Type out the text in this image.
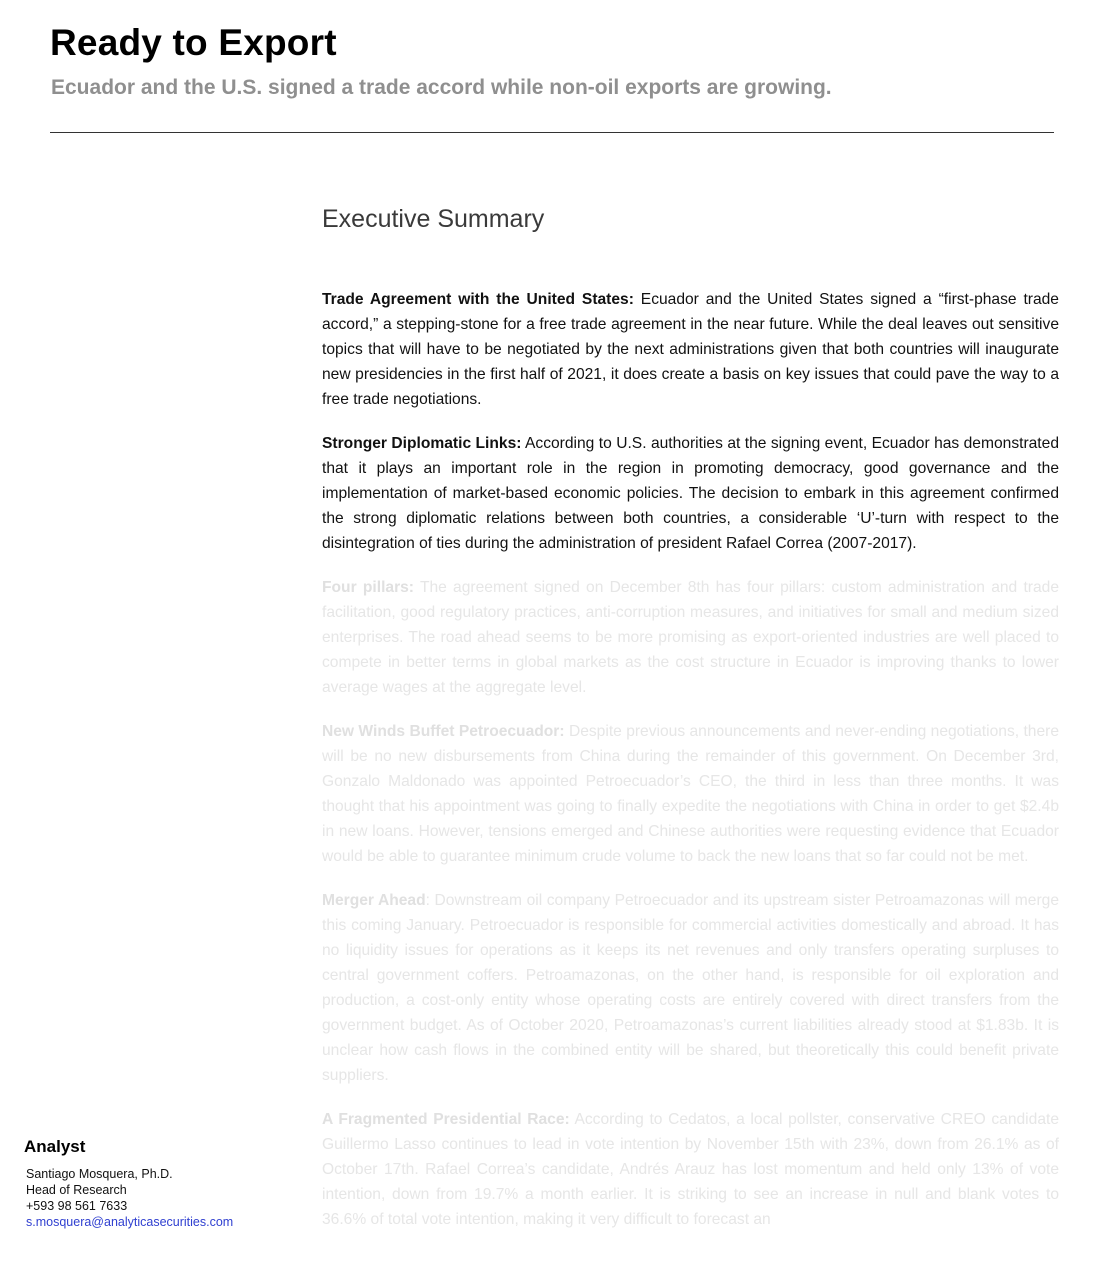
Ready to Export
Ecuador and the U.S. signed a trade accord while non-oil exports are growing.
Executive Summary

Trade Agreement with the United States: Ecuador and the United States signed a “first-phase trade accord,” a stepping-stone for a free trade agreement in the near future. While the deal leaves out sensitive topics that will have to be negotiated by the next administrations given that both countries will inaugurate new presidencies in the first half of 2021, it does create a basis on key issues that could pave the way to a free trade negotiations.

Stronger Diplomatic Links: According to U.S. authorities at the signing event, Ecuador has demonstrated that it plays an important role in the region in promoting democracy, good governance and the implementation of market-based economic policies. The decision to embark in this agreement confirmed the strong diplomatic relations between both countries, a considerable ‘U’-turn with respect to the disintegration of ties during the administration of president Rafael Correa (2007-2017).

Four pillars: The agreement signed on December 8th has four pillars: custom administration and trade facilitation, good regulatory practices, anti-corruption measures, and initiatives for small and medium sized enterprises. The road ahead seems to be more promising as export-oriented industries are well placed to compete in better terms in global markets as the cost structure in Ecuador is improving thanks to lower average wages at the aggregate level.

New Winds Buffet Petroecuador: Despite previous announcements and never-ending negotiations, there will be no new disbursements from China during the remainder of this government. On December 3rd, Gonzalo Maldonado was appointed Petroecuador’s CEO, the third in less than three months. It was thought that his appointment was going to finally expedite the negotiations with China in order to get $2.4b in new loans. However, tensions emerged and Chinese authorities were requesting evidence that Ecuador would be able to guarantee minimum crude volume to back the new loans that so far could not be met.

Merger Ahead: Downstream oil company Petroecuador and its upstream sister Petroamazonas will merge this coming January. Petroecuador is responsible for commercial activities domestically and abroad. It has no liquidity issues for operations as it keeps its net revenues and only transfers operating surpluses to central government coffers. Petroamazonas, on the other hand, is responsible for oil exploration and production, a cost-only entity whose operating costs are entirely covered with direct transfers from the government budget. As of October 2020, Petroamazonas’s current liabilities already stood at $1.83b. It is unclear how cash flows in the combined entity will be shared, but theoretically this could benefit private suppliers.

A Fragmented Presidential Race: According to Cedatos, a local pollster, conservative CREO candidate Guillermo Lasso continues to lead in vote intention by November 15th with 23%, down from 26.1% as of October 17th. Rafael Correa’s candidate, Andrés Arauz has lost momentum and held only 13% of vote intention, down from 19.7% a month earlier. It is striking to see an increase in null and blank votes to 36.6% of total vote intention, making it very difficult to forecast an

Analyst
Santiago Mosquera, Ph.D.
Head of Research
+593 98 561 7633
s.mosquera@analyticasecurities.com
